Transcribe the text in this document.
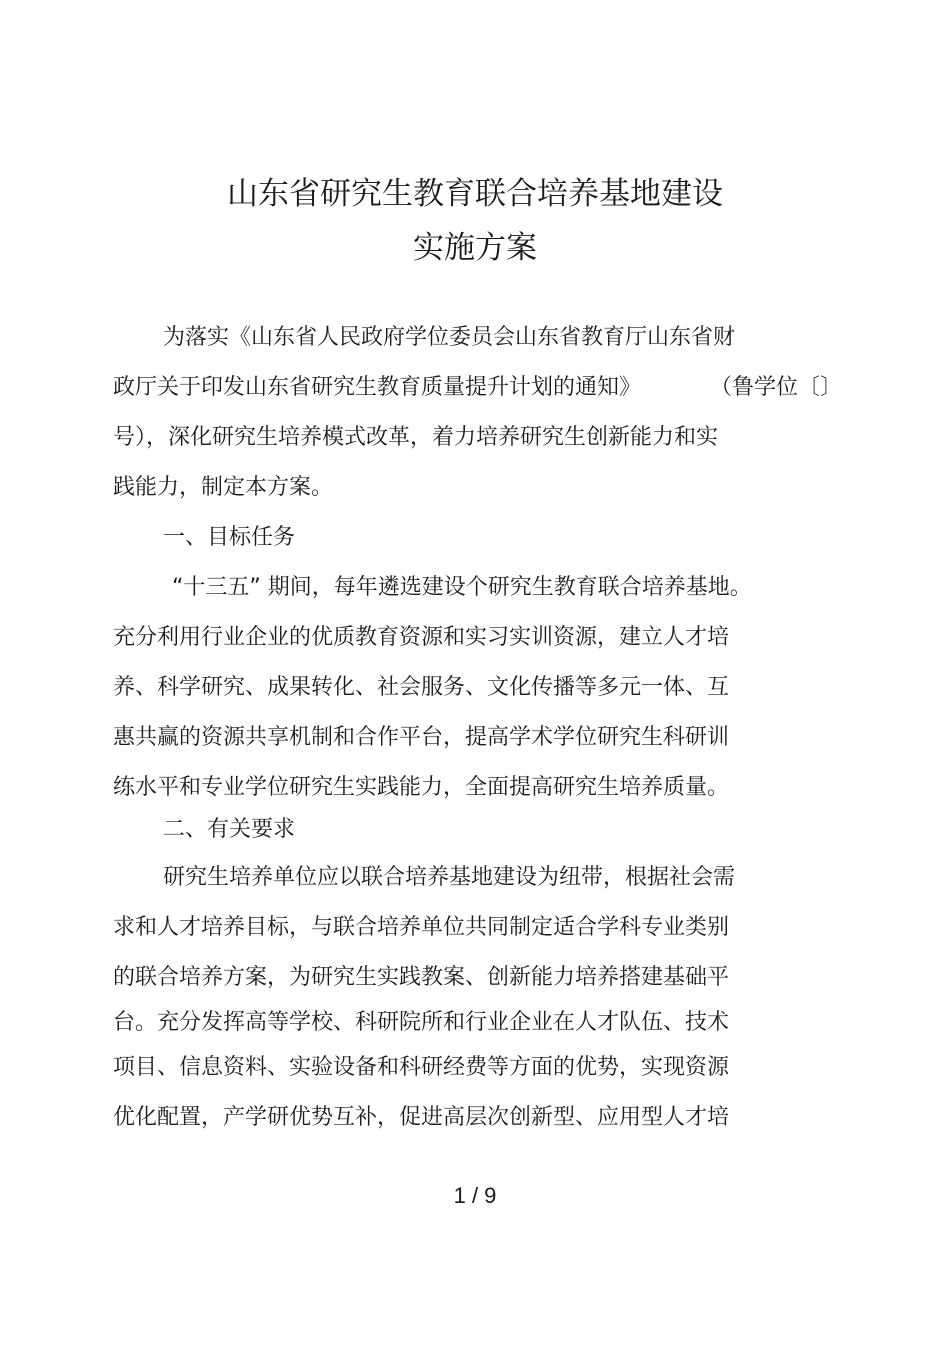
山东省研究生教育联合培养基地建设
实施方案
为落实《山东省人民政府学位委员会山东省教育厅山东省财
政厅关于印发山东省研究生教育质量提升计划的通知》	（鲁学位〔〕
号），深化研究生培养模式改革，着力培养研究生创新能力和实
践能力，制定本方案。
一、目标任务
“十三五” 期间，每年遴选建设个研究生教育联合培养基地。
充分利用行业企业的优质教育资源和实习实训资源，建立人才培
养、科学研究、成果转化、社会服务、文化传播等多元一体、互
惠共赢的资源共享机制和合作平台，提高学术学位研究生科研训
练水平和专业学位研究生实践能力，全面提高研究生培养质量。
二、有关要求
研究生培养单位应以联合培养基地建设为纽带，根据社会需
求和人才培养目标，与联合培养单位共同制定适合学科专业类别
的联合培养方案，为研究生实践教案、创新能力培养搭建基础平
台。充分发挥高等学校、科研院所和行业企业在人才队伍、技术
项目、信息资料、实验设备和科研经费等方面的优势，实现资源
优化配置，产学研优势互补，促进高层次创新型、应用型人才培
1 / 9
